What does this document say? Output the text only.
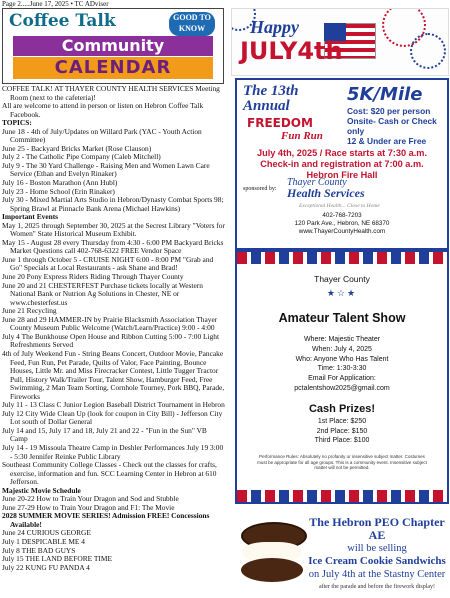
Page 2.....June 17, 2025 • TC ADviser
Coffee Talk	GOOD TO KNOW
Community
CALENDAR

COFFEE TALK! AT THAYER COUNTY HEALTH SERVICES Meeting Room (next to the cafeteria)!

All are welcome to attend in person or listen on Hebron Coffee Talk Facebook.

TOPICS:

June 18 - 4th of July/Updates on Willard Park (YAC - Youth Action Committee)

June 25 - Backyard Bricks Market (Rose Clauson)

July 2 - The Catholic Pipe Company (Caleb Mitchell)

July 9 - The 30 Yard Challenge - Raising Men and Women Lawn Care Service (Ethan and Evelyn Rinaker)

July 16 - Boston Marathon (Ann Hubl)

July 23 - Home School (Erin Rinaker)

July 30 - Mixed Martial Arts Studio in Hebron/Dynasty Combat Sports 98; Spring Brawl at Pinnacle Bank Arena (Michael Hawkins)

Important Events

May 1, 2025 through September 30, 2025 at the Secrest Library "Voters for Women" State Historical Museum Exhibit.

May 15 - August 28 every Thursday from 4:30 - 6:00 PM Backyard Bricks Market Questions call 402-768-6322 FREE Vendor Space

June 1 through October 5 - CRUISE NIGHT 6:00 - 8:00 PM "Grab and Go" Specials at Local Restaurants - ask Shane and Brad!

June 20 Pony Express Riders Riding Through Thayer County

June 20 and 21 CHESTERFEST Purchase tickets locally at Western National Bank or Nutrion Ag Solutions in Chester, NE or www.chesterfest.us

June 21 Recycling

June 28 and 29 HAMMER-IN by Prairie Blacksmith Association Thayer County Museum Public Welcome (Watch/Learn/Practice) 9:00 - 4:00

July 4 The Bunkhouse Open House and Ribbon Cutting 5:00 - 7:00 Light Refreshments Served

4th of July Weekend Fun - String Beans Concert, Outdoor Movie, Pancake Feed, Fun Run, Pet Parade, Quilts of Valor, Face Painting, Bounce Houses, Little Mr. and Miss Firecracker Contest, Little Tugger Tractor Pull, History Walk/Trailer Tour, Talent Show, Hamburger Feed, Free Swimming, 2 Man Team Sorting, Cornhole Tourney, Pork BBQ, Parade, Fireworks

July 11 - 13 Class C Junior Legion Baseball District Tournament in Hebron

July 12 City Wide Clean Up (look for coupon in City Bill) - Jefferson City Lot south of Dollar General

July 14 and 15, July 17 and 18, July 21 and 22 - "Fun in the Sun" VB Camp

July 14 - 19 Missoula Theatre Camp in Deshler Performances July 19 3:00 - 5:30 Jennifer Reinke Public Library

Southeast Community College Classes - Check out the classes for crafts, exercise, information and fun. SCC Learning Center in Hebron at 610 Jefferson.

Majestic Movie Schedule

June 20-22 How to Train Your Dragon and Sod and Stubble

June 27-29 How to Train Your Dragon and F1: The Movie

2028 SUMMER MOVIE SERIES! Admission FREE! Concessions Available!

June 24 CURIOUS GEORGE

July 1 DESPICABLE ME 4

July 8 THE BAD GUYS

July 15 THE LAND BEFORE TIME

July 22 KUNG FU PANDA 4

Happy
JULY4th
The 13th
Annual
FREEDOM
Fun Run
5K/Mile
Cost: $20 per person
Onsite- Cash or Check only
12 & Under are Free
July 4th, 2025 / Race starts at 7:30 a.m.
Check-in and registration at 7:00 a.m.
Hebron Fire Hall
sponsored by:
Thayer County
Health Services
Exceptional Health... Close to Home
402-768-7203
120 Park Ave., Hebron, NE 68370
www.ThayerCountyHealth.com
Thayer County
★☆★
Amateur Talent Show
Where: Majestic Theater
When: July 4, 2025
Who: Anyone Who Has Talent
Time: 1:30-3:30
Email For Application:
pctalentshow2025@gmail.com
Cash Prizes!
1st Place: $250
2nd Place: $150
Third Place: $100
Performance Rules: Absolutely no profanity or insensitive subject matter. Costumes must be appropriate for all age groups. This is a community event. Insensitive subject matter will not be permitted.
The Hebron PEO Chapter AE
will be selling
Ice Cream Cookie Sandwichs
on July 4th at the Stastny Center
after the parade and before the firework display!
